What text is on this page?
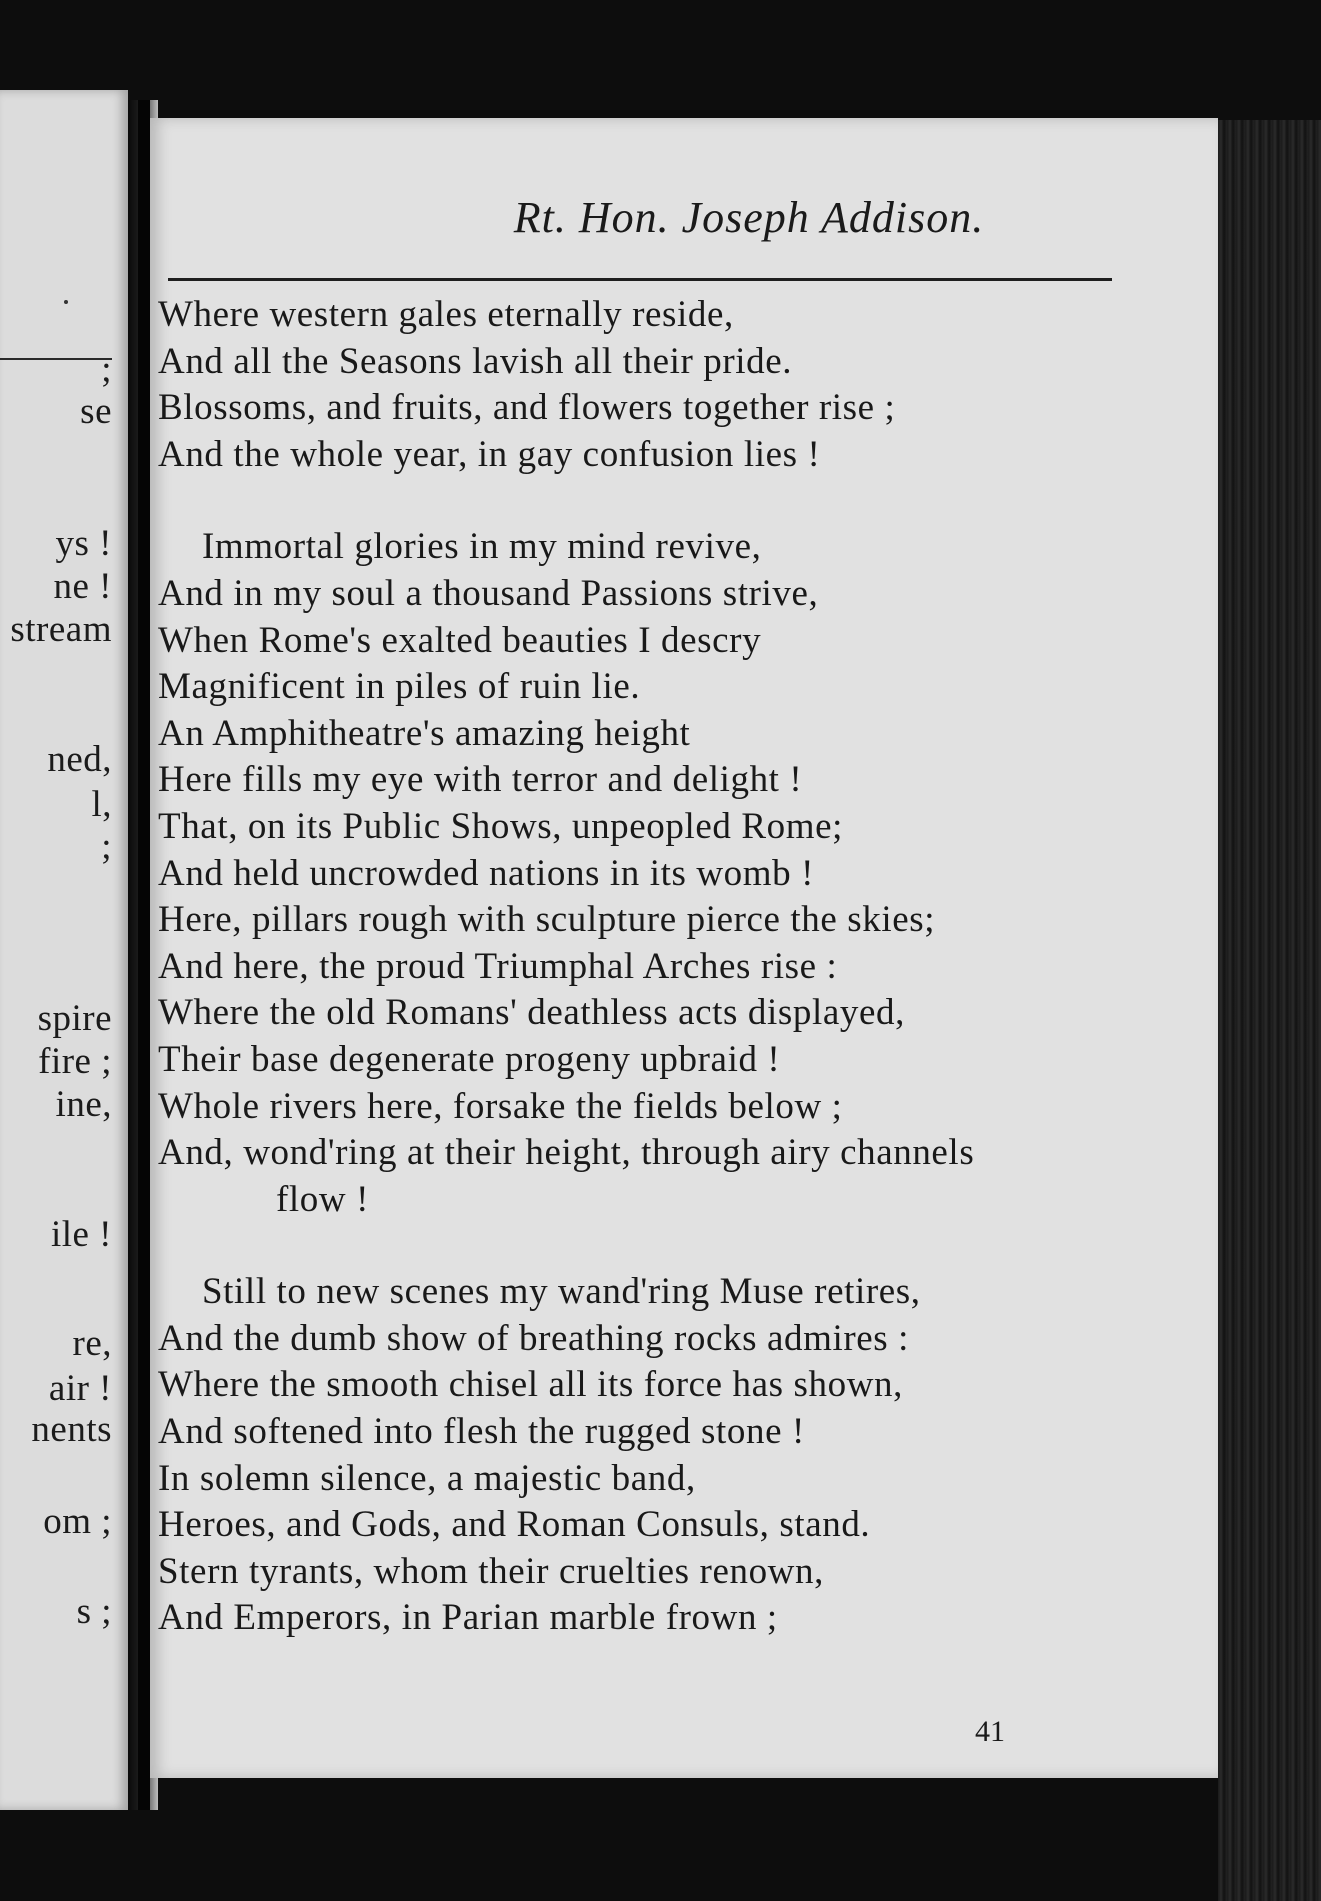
;
se
ys !
ne !
stream
ned,
l,
;
spire
fire ;
ine,
ile !
re,
air !
nents
om ;
s ;
Rt. Hon. Joseph Addison.
Where western gales eternally reside,
And all the Seasons lavish all their pride.
Blossoms, and fruits, and flowers together rise ;
And the whole year, in gay confusion lies !
Immortal glories in my mind revive,
And in my soul a thousand Passions strive,
When Rome's exalted beauties I descry
Magnificent in piles of ruin lie.
An Amphitheatre's amazing height
Here fills my eye with terror and delight !
That, on its Public Shows, unpeopled Rome;
And held uncrowded nations in its womb !
Here, pillars rough with sculpture pierce the skies;
And here, the proud Triumphal Arches rise :
Where the old Romans' deathless acts displayed,
Their base degenerate progeny upbraid !
Whole rivers here, forsake the fields below ;
And, wond'ring at their height, through airy channels
flow !
Still to new scenes my wand'ring Muse retires,
And the dumb show of breathing rocks admires :
Where the smooth chisel all its force has shown,
And softened into flesh the rugged stone !
In solemn silence, a majestic band,
Heroes, and Gods, and Roman Consuls, stand.
Stern tyrants, whom their cruelties renown,
And Emperors, in Parian marble frown ;
41
